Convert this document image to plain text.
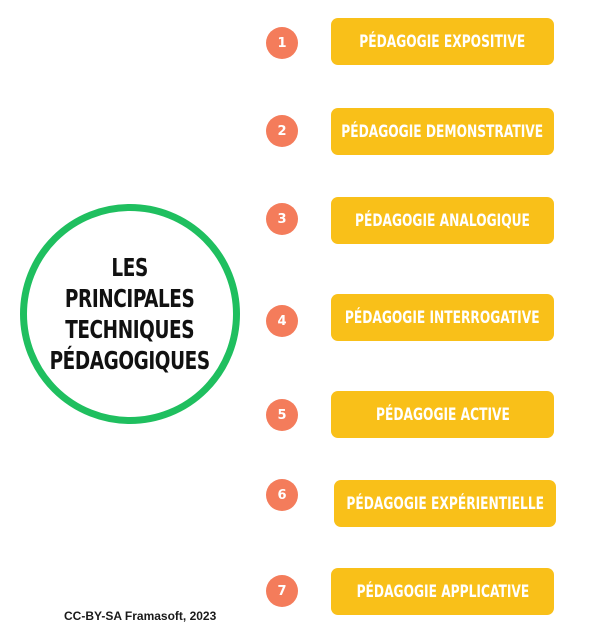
LES
PRINCIPALES
TECHNIQUES
PÉDAGOGIQUES
1	PÉDAGOGIE EXPOSITIVE
2	PÉDAGOGIE DEMONSTRATIVE
3	PÉDAGOGIE ANALOGIQUE
4	PÉDAGOGIE INTERROGATIVE
5	PÉDAGOGIE ACTIVE
6	PÉDAGOGIE EXPÉRIENTIELLE
7	PÉDAGOGIE APPLICATIVE
CC-BY-SA Framasoft, 2023
